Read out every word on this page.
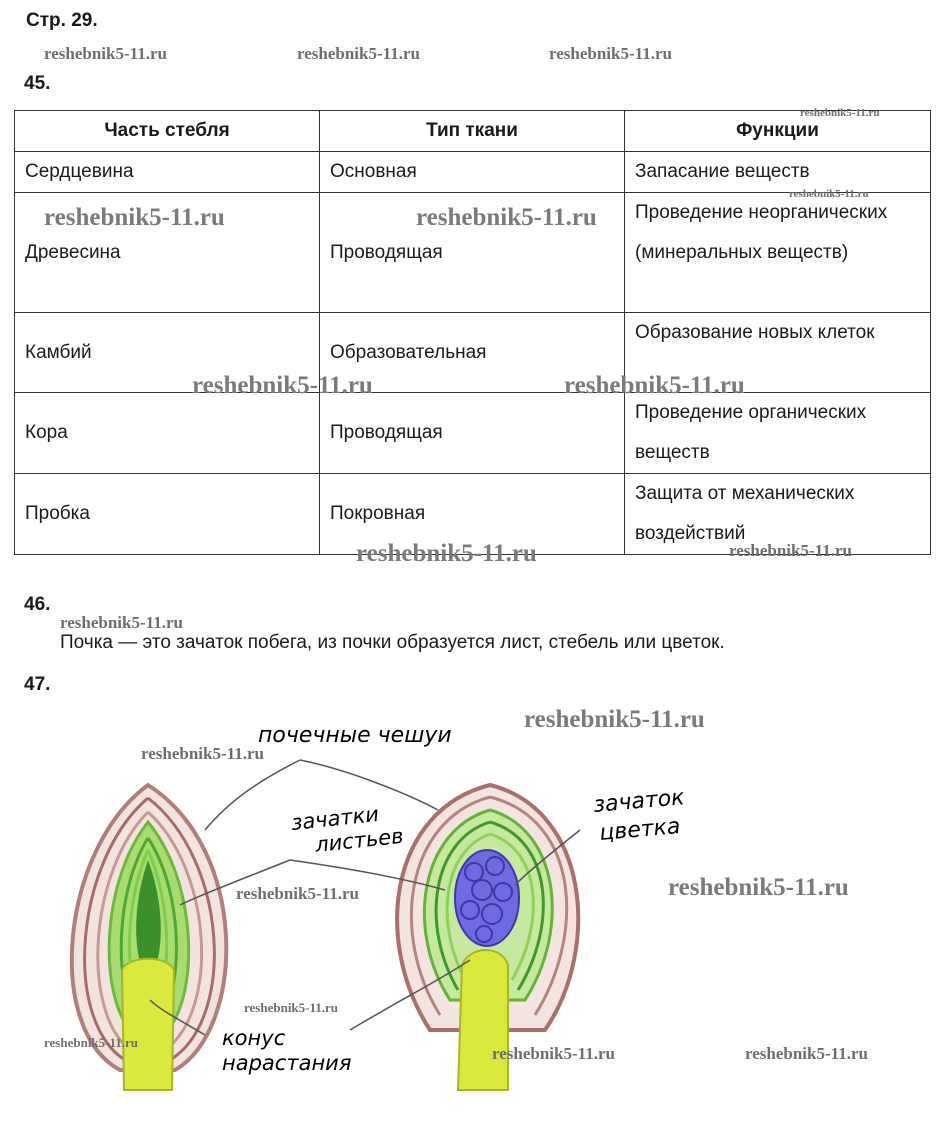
Стр. 29.
reshebnik5-11.ru	reshebnik5-11.ru	reshebnik5-11.ru
45.
Часть стебля	Тип ткани	Функции
Сердцевина	Основная	Запасание веществ
Древесина	Проводящая	Проведение неорганических (минеральных веществ)
Камбий	Образовательная	Образование новых клеток
Кора	Проводящая	Проведение органических веществ
Пробка	Покровная	Защита от механических воздействий
reshebnik5-11.ru
reshebnik5-11.ru
reshebnik5-11.ru	reshebnik5-11.ru
reshebnik5-11.ru	reshebnik5-11.ru
reshebnik5-11.ru	reshebnik5-11.ru
46.
reshebnik5-11.ru
Почка — это зачаток побега, из почки образуется лист, стебель или цветок.
47.
почечные чешуи
зачатки
листьев
зачаток
цветка
конус
нарастания
reshebnik5-11.ru
reshebnik5-11.ru
reshebnik5-11.ru
reshebnik5-11.ru
reshebnik5-11.ru
reshebnik5-11.ru
reshebnik5-11.ru	reshebnik5-11.ru
